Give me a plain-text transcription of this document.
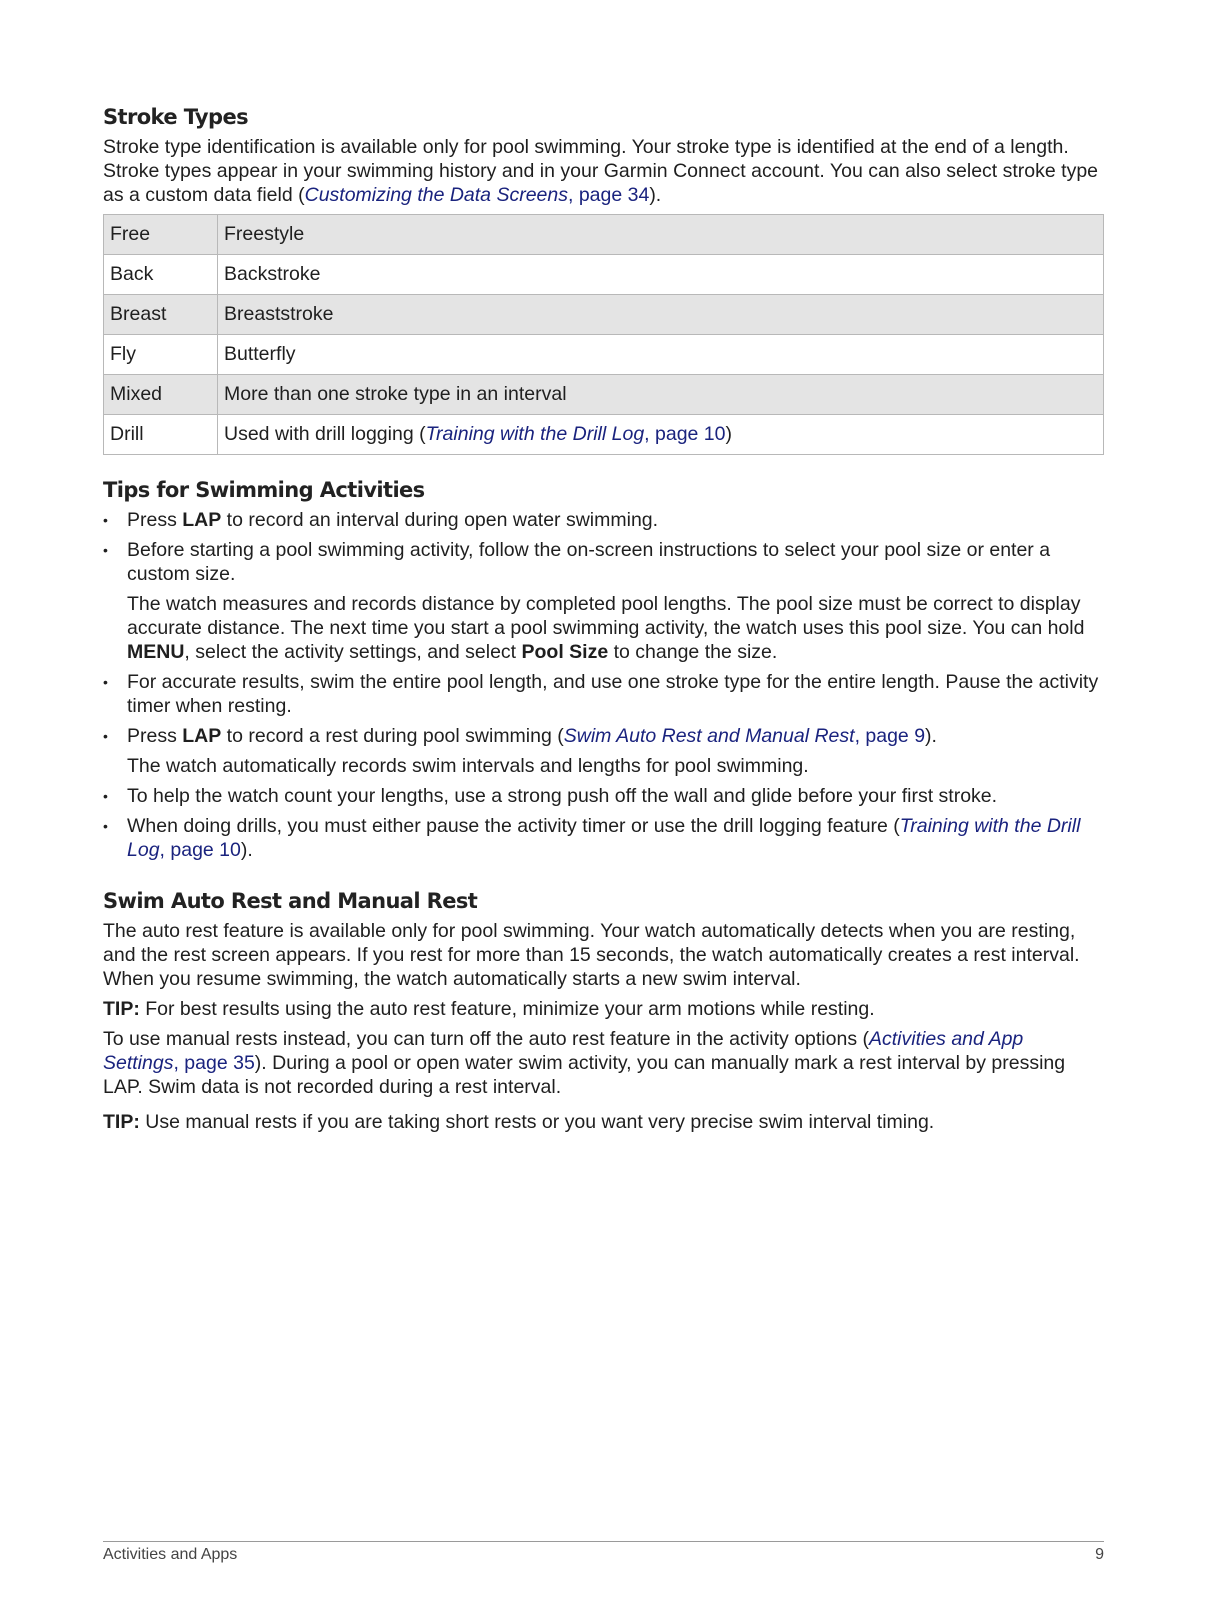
Stroke Types

Stroke type identification is available only for pool swimming. Your stroke type is identified at the end of a length. Stroke types appear in your swimming history and in your Garmin Connect account. You can also select stroke type as a custom data field (Customizing the Data Screens, page 34).

Free	Freestyle
Back	Backstroke
Breast	Breaststroke
Fly	Butterfly
Mixed	More than one stroke type in an interval
Drill	Used with drill logging (Training with the Drill Log, page 10)
Tips for Swimming Activities
• Press LAP to record an interval during open water swimming.
• Before starting a pool swimming activity, follow the on-screen instructions to select your pool size or enter a custom size.
The watch measures and records distance by completed pool lengths. The pool size must be correct to display accurate distance. The next time you start a pool swimming activity, the watch uses this pool size. You can hold MENU, select the activity settings, and select Pool Size to change the size.
• For accurate results, swim the entire pool length, and use one stroke type for the entire length. Pause the activity timer when resting.
• Press LAP to record a rest during pool swimming (Swim Auto Rest and Manual Rest, page 9).
The watch automatically records swim intervals and lengths for pool swimming.
• To help the watch count your lengths, use a strong push off the wall and glide before your first stroke.
• When doing drills, you must either pause the activity timer or use the drill logging feature (Training with the Drill Log, page 10).
Swim Auto Rest and Manual Rest

The auto rest feature is available only for pool swimming. Your watch automatically detects when you are resting, and the rest screen appears. If you rest for more than 15 seconds, the watch automatically creates a rest interval. When you resume swimming, the watch automatically starts a new swim interval.

TIP: For best results using the auto rest feature, minimize your arm motions while resting.

To use manual rests instead, you can turn off the auto rest feature in the activity options (Activities and App Settings, page 35). During a pool or open water swim activity, you can manually mark a rest interval by pressing LAP. Swim data is not recorded during a rest interval.

TIP: Use manual rests if you are taking short rests or you want very precise swim interval timing.

Activities and Apps	9
